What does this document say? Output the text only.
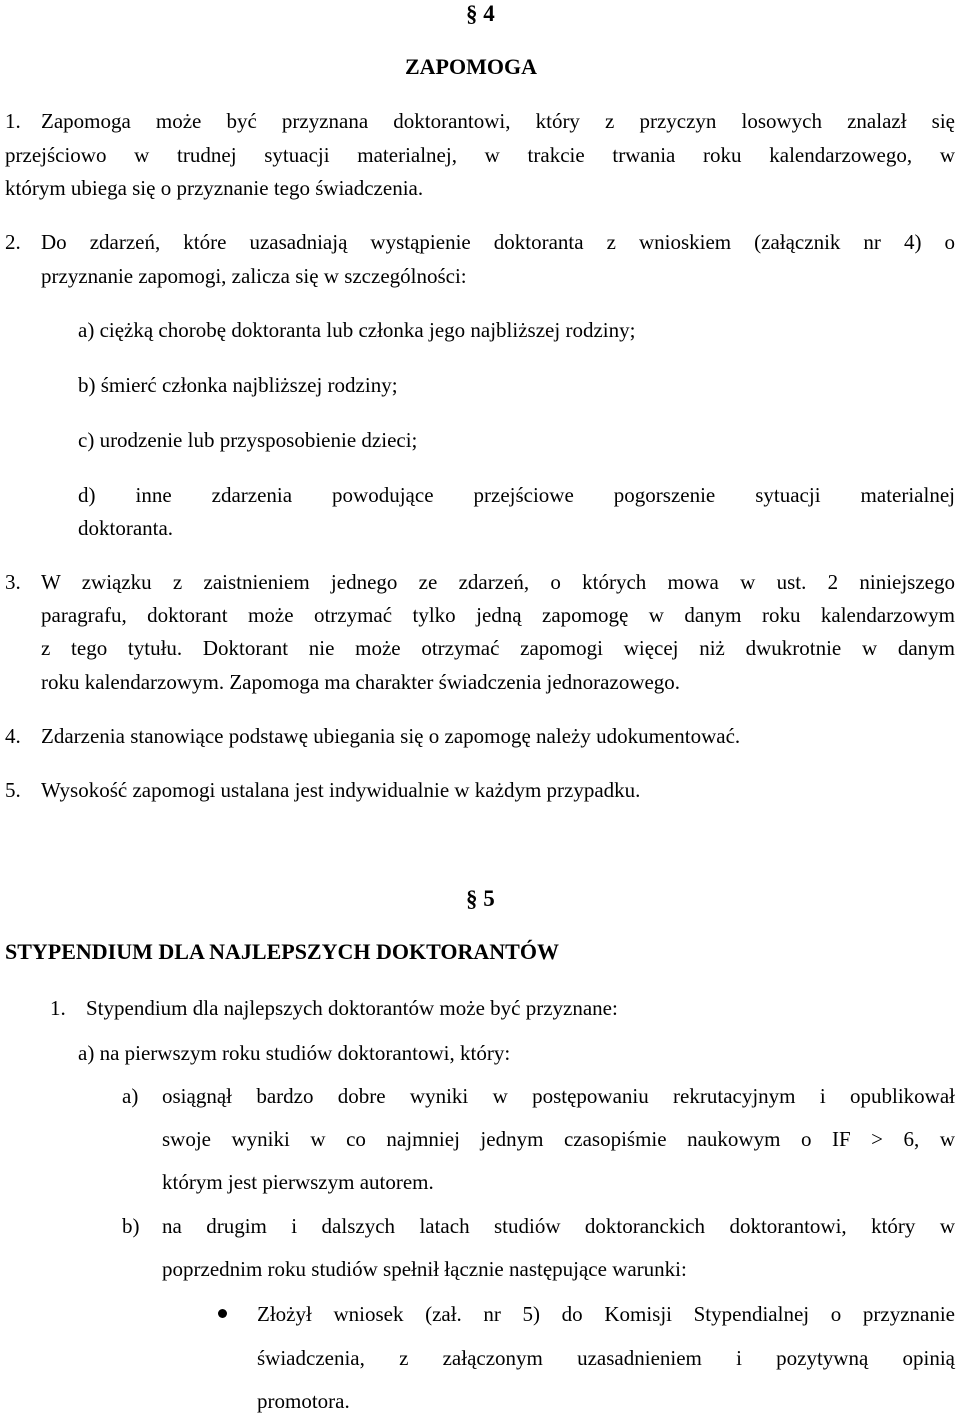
§ 4
ZAPOMOGA
1. Zapomoga może być przyznana doktorantowi, który z przyczyn losowych znalazł się
przejściowo w trudnej sytuacji materialnej, w trakcie trwania roku kalendarzowego, w
którym ubiega się o przyznanie tego świadczenia.
2. Do zdarzeń, które uzasadniają wystąpienie doktoranta z wnioskiem (załącznik nr 4) o
przyznanie zapomogi, zalicza się w szczególności:
a) ciężką chorobę doktoranta lub członka jego najbliższej rodziny;
b) śmierć członka najbliższej rodziny;
c) urodzenie lub przysposobienie dzieci;
d) inne zdarzenia powodujące przejściowe pogorszenie sytuacji materialnej
doktoranta.
3. W związku z zaistnieniem jednego ze zdarzeń, o których mowa w ust. 2 niniejszego
paragrafu, doktorant może otrzymać tylko jedną zapomogę w danym roku kalendarzowym
z tego tytułu. Doktorant nie może otrzymać zapomogi więcej niż dwukrotnie w danym
roku kalendarzowym. Zapomoga ma charakter świadczenia jednorazowego.
4. Zdarzenia stanowiące podstawę ubiegania się o zapomogę należy udokumentować.
5. Wysokość zapomogi ustalana jest indywidualnie w każdym przypadku.
§ 5
STYPENDIUM DLA NAJLEPSZYCH DOKTORANTÓW
1. Stypendium dla najlepszych doktorantów może być przyznane:
a) na pierwszym roku studiów doktorantowi, który:
a) osiągnął bardzo dobre wyniki w postępowaniu rekrutacyjnym i opublikował
swoje wyniki w co najmniej jednym czasopiśmie naukowym o IF > 6, w
którym jest pierwszym autorem.
b) na drugim i dalszych latach studiów doktoranckich doktorantowi, który w
poprzednim roku studiów spełnił łącznie następujące warunki:
Złożył wniosek (zał. nr 5) do Komisji Stypendialnej o przyznanie
świadczenia, z załączonym uzasadnieniem i pozytywną opinią
promotora.
